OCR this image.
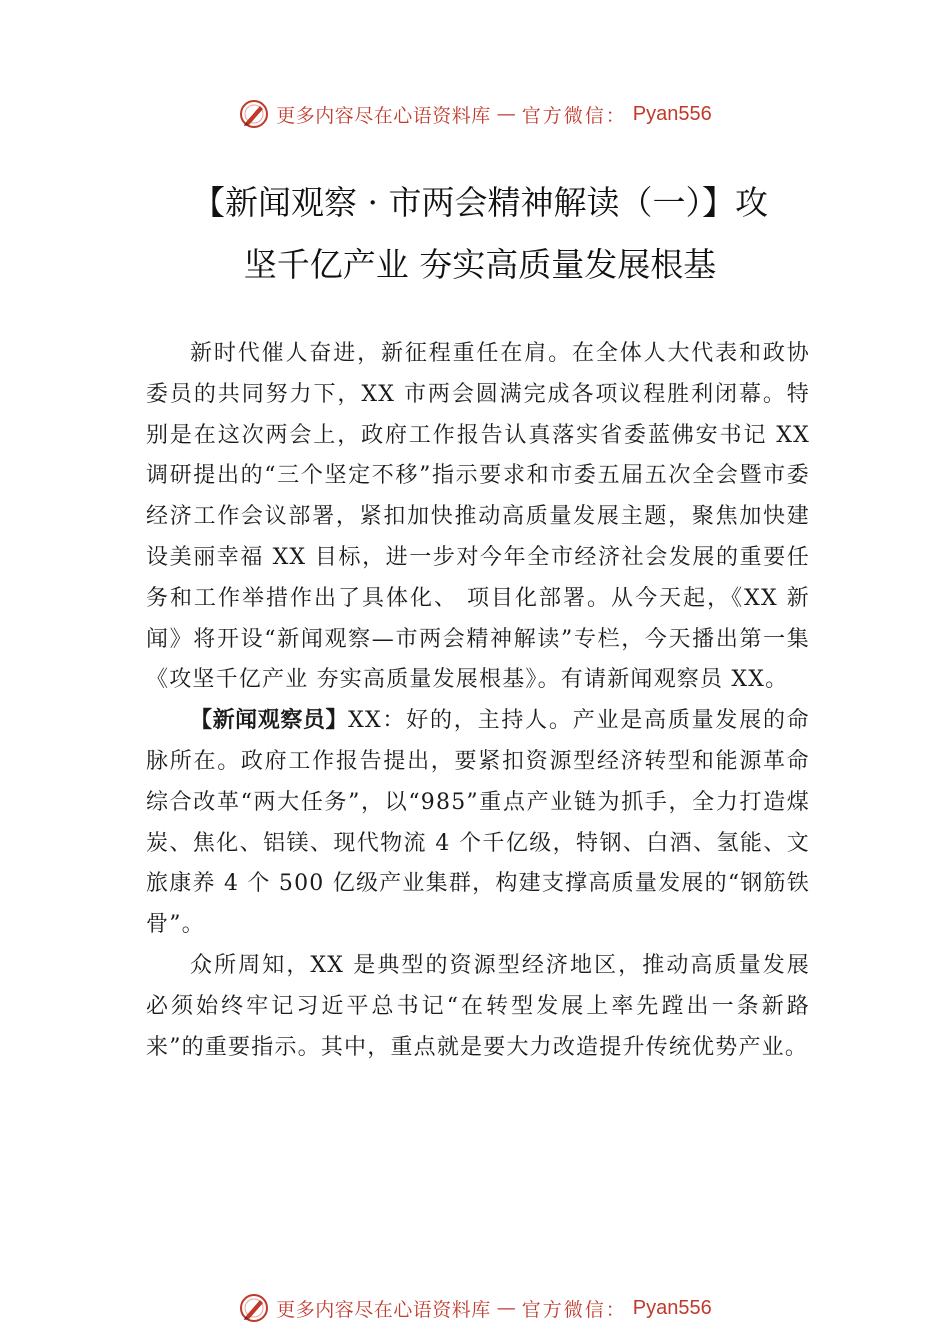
更多内容尽在心语资料库 — 官方微信： Pyan556
【新闻观察 · 市两会精神解读（一）】攻
坚千亿产业 夯实高质量发展根基

新时代催人奋进，新征程重任在肩。在全体人大代表和政协委员的共同努力下，XX 市两会圆满完成各项议程胜利闭幕。特别是在这次两会上，政府工作报告认真落实省委蓝佛安书记 XX 调研提出的“三个坚定不移”指示要求和市委五届五次全会暨市委经济工作会议部署，紧扣加快推动高质量发展主题，聚焦加快建设美丽幸福 XX 目标，进一步对今年全市经济社会发展的重要任务和工作举措作出了具体化、 项目化部署。从今天起，《XX 新闻》将开设“新闻观察—市两会精神解读”专栏，今天播出第一集《攻坚千亿产业 夯实高质量发展根基》。有请新闻观察员 XX。

【新闻观察员】XX：好的，主持人。产业是高质量发展的命脉所在。政府工作报告提出，要紧扣资源型经济转型和能源革命综合改革“两大任务”，以“985”重点产业链为抓手，全力打造煤炭、焦化、铝镁、现代物流 4 个千亿级，特钢、白酒、氢能、文旅康养 4 个 500 亿级产业集群，构建支撑高质量发展的“钢筋铁骨”。

众所周知，XX 是典型的资源型经济地区，推动高质量发展必须始终牢记习近平总书记“在转型发展上率先蹚出一条新路来”的重要指示。其中，重点就是要大力改造提升传统优势产业。

更多内容尽在心语资料库 — 官方微信： Pyan556
